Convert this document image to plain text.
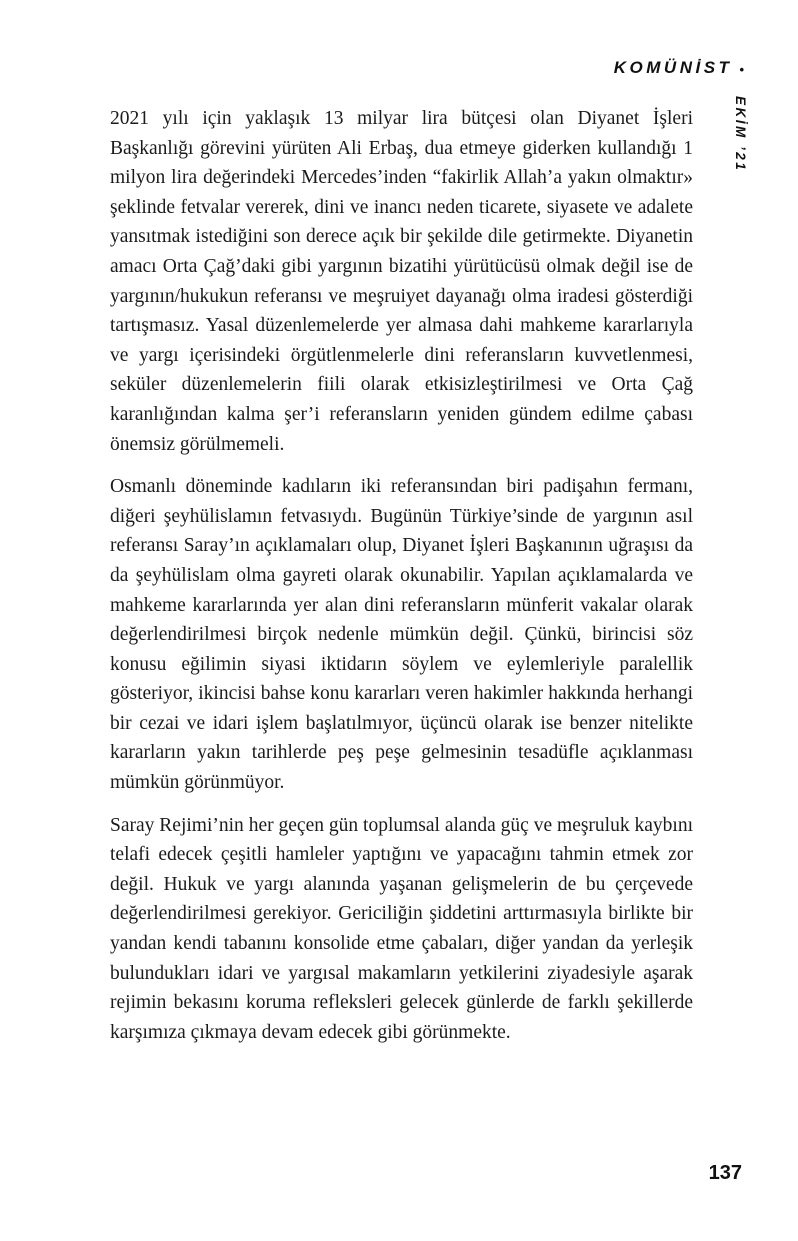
KOMÜNİST •
EKİM ’21

2021 yılı için yaklaşık 13 milyar lira bütçesi olan Diyanet İşleri Başkanlığı görevini yürüten Ali Erbaş, dua etmeye giderken kullandığı 1 milyon lira değerindeki Mercedes’inden “fakirlik Allah’a yakın olmaktır» şeklinde fetvalar vererek, dini ve inancı neden ticarete, siyasete ve adalete yansıtmak istediğini son derece açık bir şekilde dile getirmekte. Diyanetin amacı Orta Çağ’daki gibi yargının bizatihi yürütücüsü olmak değil ise de yargının/hukukun referansı ve meşruiyet dayanağı olma iradesi gösterdiği tartışmasız. Yasal düzenlemelerde yer almasa dahi mahkeme kararlarıyla ve yargı içerisindeki örgütlenmelerle dini referansların kuvvetlenmesi, seküler düzenlemelerin fiili olarak etkisizleştirilmesi ve Orta Çağ karanlığından kalma şer’i referansların yeniden gündem edilme çabası önemsiz görülmemeli.

Osmanlı döneminde kadıların iki referansından biri padişahın fermanı, diğeri şeyhülislamın fetvasıydı. Bugünün Türkiye’sinde de yargının asıl referansı Saray’ın açıklamaları olup, Diyanet İşleri Başkanının uğraşısı da da şeyhülislam olma gayreti olarak okunabilir. Yapılan açıklamalarda ve mahkeme kararlarında yer alan dini referansların münferit vakalar olarak değerlendirilmesi birçok nedenle mümkün değil. Çünkü, birincisi söz konusu eğilimin siyasi iktidarın söylem ve eylemleriyle paralellik gösteriyor, ikincisi bahse konu kararları veren hakimler hakkında herhangi bir cezai ve idari işlem başlatılmıyor, üçüncü olarak ise benzer nitelikte kararların yakın tarihlerde peş peşe gelmesinin tesadüfle açıklanması mümkün görünmüyor.

Saray Rejimi’nin her geçen gün toplumsal alanda güç ve meşruluk kaybını telafi edecek çeşitli hamleler yaptığını ve yapacağını tahmin etmek zor değil. Hukuk ve yargı alanında yaşanan gelişmelerin de bu çerçevede değerlendirilmesi gerekiyor. Gericiliğin şiddetini arttırmasıyla birlikte bir yandan kendi tabanını konsolide etme çabaları, diğer yandan da yerleşik bulundukları idari ve yargısal makamların yetkilerini ziyadesiyle aşarak rejimin bekasını koruma refleksleri gelecek günlerde de farklı şekillerde karşımıza çıkmaya devam edecek gibi görünmekte.

137
